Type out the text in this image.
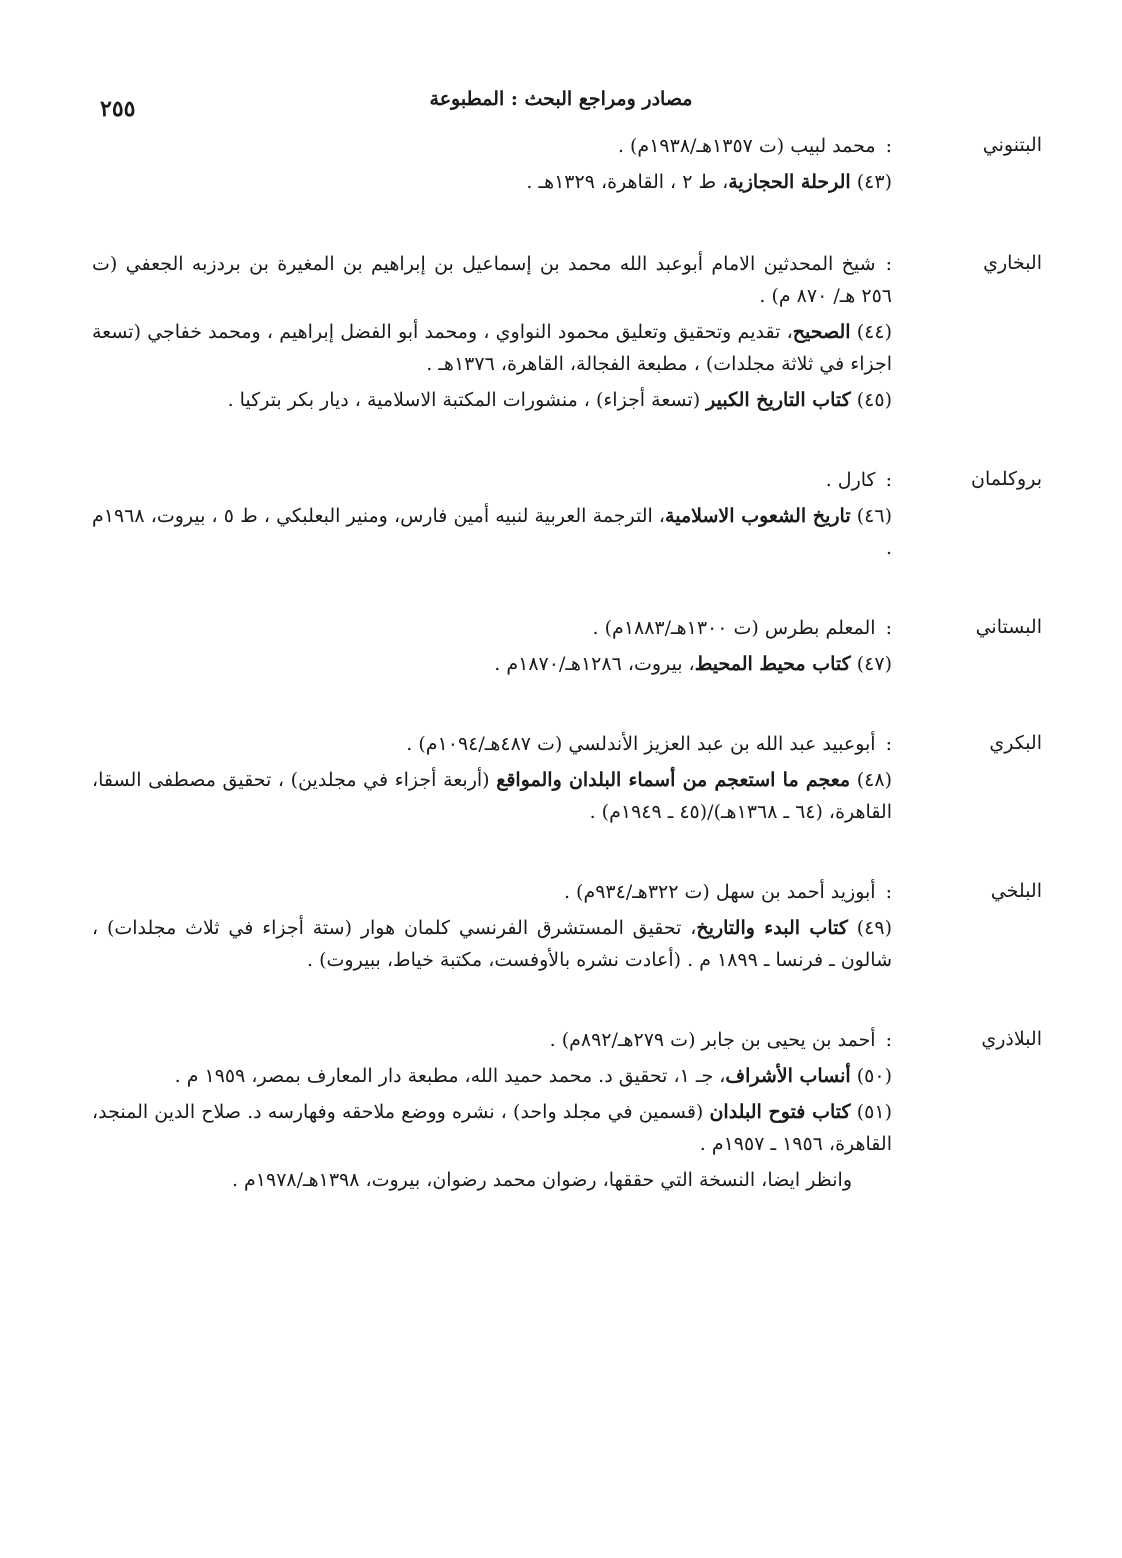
٢٥٥	مصادر ومراجع البحث : المطبوعة
البتنوني
:محمد لبيب (ت ١٣٥٧هـ/١٩٣٨م) .
(٤٣) الرحلة الحجازية، ط ٢ ، القاهرة، ١٣٢٩هـ .
البخاري
:شيخ المحدثين الامام أبوعبد الله محمد بن إسماعيل بن إبراهيم بن المغيرة بن بردزبه الجعفي (ت ٢٥٦ هـ/ ٨٧٠ م) .
(٤٤) الصحيح، تقديم وتحقيق وتعليق محمود النواوي ، ومحمد أبو الفضل إبراهيم ، ومحمد خفاجي (تسعة اجزاء في ثلاثة مجلدات) ، مطبعة الفجالة، القاهرة، ١٣٧٦هـ .
(٤٥) كتاب التاريخ الكبير (تسعة أجزاء) ، منشورات المكتبة الاسلامية ، ديار بكر بتركيا .
بروكلمان
:كارل .
(٤٦) تاريخ الشعوب الاسلامية، الترجمة العربية لنبيه أمين فارس، ومنير البعلبكي ، ط ٥ ، بيروت، ١٩٦٨م .
البستاني
:المعلم بطرس (ت ١٣٠٠هـ/١٨٨٣م) .
(٤٧) كتاب محيط المحيط، بيروت، ١٢٨٦هـ/١٨٧٠م .
البكري
:أبوعبيد عبد الله بن عبد العزيز الأندلسي (ت ٤٨٧هـ/١٠٩٤م) .
(٤٨) معجم ما استعجم من أسماء البلدان والمواقع (أربعة أجزاء في مجلدين) ، تحقيق مصطفى السقا، القاهرة، (٦٤ ـ ١٣٦٨هـ)/(٤٥ ـ ١٩٤٩م) .
البلخي
:أبوزيد أحمد بن سهل (ت ٣٢٢هـ/٩٣٤م) .
(٤٩) كتاب البدء والتاريخ، تحقيق المستشرق الفرنسي كلمان هوار (ستة أجزاء في ثلاث مجلدات) ، شالون ـ فرنسا ـ ١٨٩٩ م . (أعادت نشره بالأوفست، مكتبة خياط، ببيروت) .
البلاذري
:أحمد بن يحيى بن جابر (ت ٢٧٩هـ/٨٩٢م) .
(٥٠) أنساب الأشراف، جـ ١، تحقيق د. محمد حميد الله، مطبعة دار المعارف بمصر، ١٩٥٩ م .
(٥١) كتاب فتوح البلدان (قسمين في مجلد واحد) ، نشره ووضع ملاحقه وفهارسه د. صلاح الدين المنجد، القاهرة، ١٩٥٦ ـ ١٩٥٧م .
وانظر ايضا، النسخة التي حققها، رضوان محمد رضوان، بيروت، ١٣٩٨هـ/١٩٧٨م .
